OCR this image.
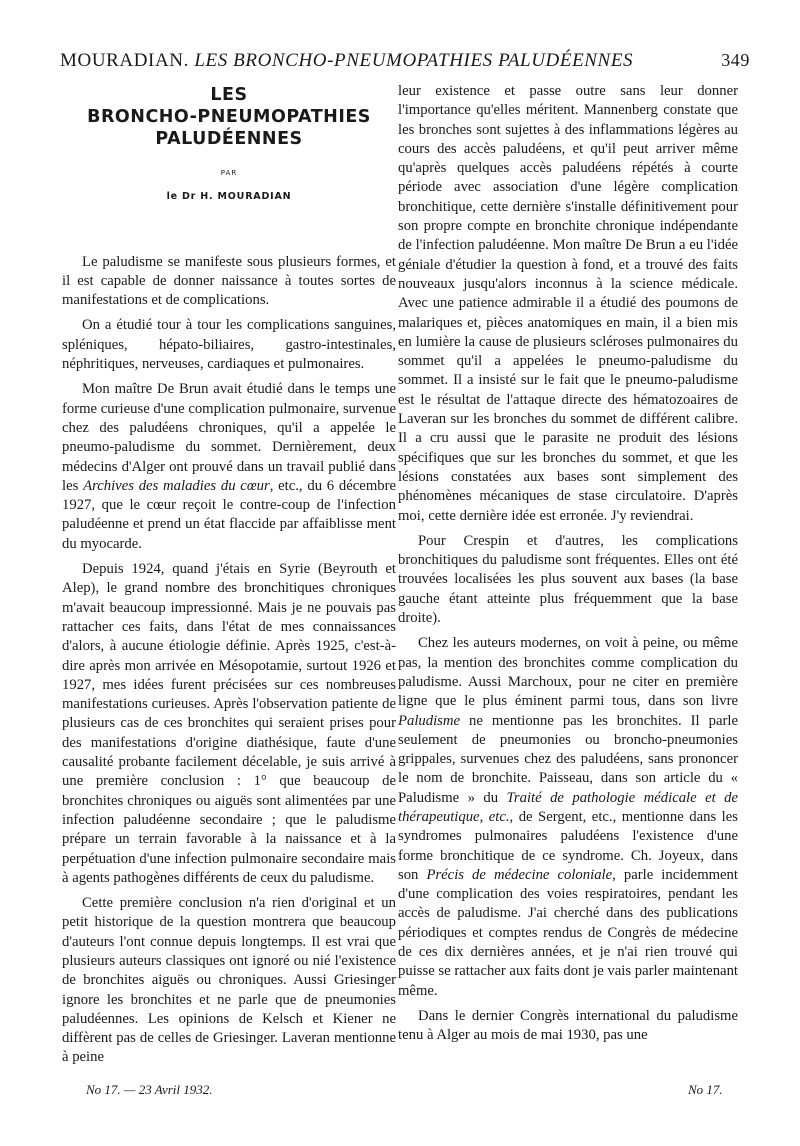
MOURADIAN. LES BRONCHO-PNEUMOPATHIES PALUDÉENNES	349
LES
BRONCHO-PNEUMOPATHIES
PALUDÉENNES
PAR
le Dr H. MOURADIAN

Le paludisme se manifeste sous plusieurs formes, et il est capable de donner naissance à toutes sortes de manifestations et de complications.

On a étudié tour à tour les complications sanguines, spléniques, hépato-biliaires, gastro-intestinales, néphritiques, nerveuses, cardiaques et pulmonaires.

Mon maître De Brun avait étudié dans le temps une forme curieuse d'une complication pulmonaire, survenue chez des paludéens chroniques, qu'il a appelée le pneumo-paludisme du sommet. Dernièrement, deux médecins d'Alger ont prouvé dans un travail publié dans les Archives des maladies du cœur, etc., du 6 décembre 1927, que le cœur reçoit le contre-coup de l'infection paludéenne et prend un état flaccide par affaiblisse ment du myocarde.

Depuis 1924, quand j'étais en Syrie (Beyrouth et Alep), le grand nombre des bronchitiques chroniques m'avait beaucoup impressionné. Mais je ne pouvais pas rattacher ces faits, dans l'état de mes connaissances d'alors, à aucune étiologie définie. Après 1925, c'est-à-dire après mon arrivée en Mésopotamie, surtout 1926 et 1927, mes idées furent précisées sur ces nombreuses manifestations curieuses. Après l'observation patiente de plusieurs cas de ces bronchites qui seraient prises pour des manifestations d'origine diathésique, faute d'une causalité probante facilement décelable, je suis arrivé à une première conclusion : 1° que beaucoup de bronchites chroniques ou aiguës sont alimentées par une infection paludéenne secondaire ; que le paludisme prépare un terrain favorable à la naissance et à la perpétuation d'une infection pulmonaire secondaire mais à agents pathogènes différents de ceux du paludisme.

Cette première conclusion n'a rien d'original et un petit historique de la question montrera que beaucoup d'auteurs l'ont connue depuis longtemps. Il est vrai que plusieurs auteurs classiques ont ignoré ou nié l'existence de bronchites aiguës ou chroniques. Aussi Griesinger ignore les bronchites et ne parle que de pneumonies paludéennes. Les opinions de Kelsch et Kiener ne diffèrent pas de celles de Griesinger. Laveran mentionne à peine

leur existence et passe outre sans leur donner l'importance qu'elles méritent. Mannenberg constate que les bronches sont sujettes à des inflammations légères au cours des accès paludéens, et qu'il peut arriver même qu'après quelques accès paludéens répétés à courte période avec association d'une légère complication bronchitique, cette dernière s'installe définitivement pour son propre compte en bronchite chronique indépendante de l'infection paludéenne. Mon maître De Brun a eu l'idée géniale d'étudier la question à fond, et a trouvé des faits nouveaux jusqu'alors inconnus à la science médicale. Avec une patience admirable il a étudié des poumons de malariques et, pièces anatomiques en main, il a bien mis en lumière la cause de plusieurs scléroses pulmonaires du sommet qu'il a appelées le pneumo-paludisme du sommet. Il a insisté sur le fait que le pneumo-paludisme est le résultat de l'attaque directe des hématozoaires de Laveran sur les bronches du sommet de différent calibre. Il a cru aussi que le parasite ne produit des lésions spécifiques que sur les bronches du sommet, et que les lésions constatées aux bases sont simplement des phénomènes mécaniques de stase circulatoire. D'après moi, cette dernière idée est erronée. J'y reviendrai.

Pour Crespin et d'autres, les complications bronchitiques du paludisme sont fréquentes. Elles ont été trouvées localisées les plus souvent aux bases (la base gauche étant atteinte plus fréquemment que la base droite).

Chez les auteurs modernes, on voit à peine, ou même pas, la mention des bronchites comme complication du paludisme. Aussi Marchoux, pour ne citer en première ligne que le plus éminent parmi tous, dans son livre Paludisme ne mentionne pas les bronchites. Il parle seulement de pneumonies ou broncho-pneumonies grippales, survenues chez des paludéens, sans prononcer le nom de bronchite. Paisseau, dans son article du « Paludisme » du Traité de pathologie médicale et de thérapeutique, etc., de Sergent, etc., mentionne dans les syndromes pulmonaires paludéens l'existence d'une forme bronchitique de ce syndrome. Ch. Joyeux, dans son Précis de médecine coloniale, parle incidemment d'une complication des voies respiratoires, pendant les accès de paludisme. J'ai cherché dans des publications périodiques et comptes rendus de Congrès de médecine de ces dix dernières années, et je n'ai rien trouvé qui puisse se rattacher aux faits dont je vais parler maintenant même.

Dans le dernier Congrès international du paludisme tenu à Alger au mois de mai 1930, pas une

No 17. — 23 Avril 1932.	No 17.
